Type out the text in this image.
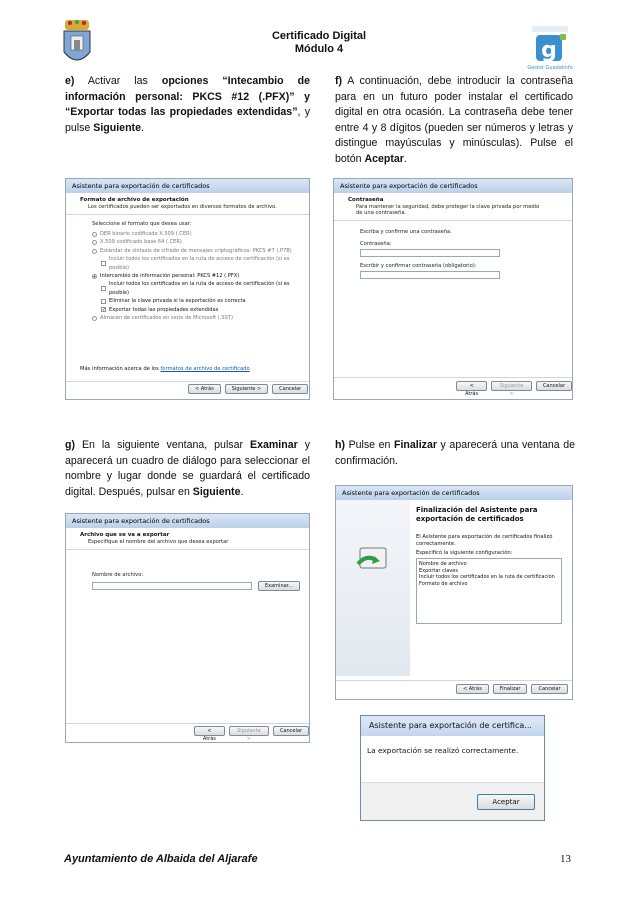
g
Gestor Guadalinfo
Certificado Digital
Módulo 4
e) Activar las opciones “Intecambio de información personal: PKCS #12 (.PFX)” y “Exportar todas las propiedades extendidas”, y pulse Siguiente.
f) A continuación, debe introducir la contraseña para en un futuro poder instalar el certificado digital en otra ocasión. La contraseña debe tener entre 4 y 8 dígitos (pueden ser números y letras y distingue mayúsculas y minúsculas). Pulse el botón Aceptar.
Asistente para exportación de certificados
Formato de archivo de exportación
Los certificados pueden ser exportados en diversos formatos de archivo.
Seleccione el formato que desea usar:
DER binario codificado X.509 (.CER)
X.509 codificado base 64 (.CER)
Estándar de sintaxis de cifrado de mensajes criptográficos: PKCS #7 (.P7B)
Incluir todos los certificados en la ruta de acceso de certificación (si es posible)
Intercambio de información personal: PKCS #12 (.PFX)
Incluir todos los certificados en la ruta de acceso de certificación (si es posible)
Eliminar la clave privada si la exportación es correcta
✓ Exportar todas las propiedades extendidas
Almacén de certificados en serie de Microsoft (.SST)
Más información acerca de los formatos de archivo de certificado
< Atrás	Siguiente >	Cancelar
Asistente para exportación de certificados
Contraseña
Para mantener la seguridad, debe proteger la clave privada por medio de una contraseña.
Escriba y confirme una contraseña.
Contraseña:
Escribir y confirmar contraseña (obligatorio):
< Atrás
Siguiente >
Cancelar
g) En la siguiente ventana, pulsar Examinar y aparecerá un cuadro de diálogo para seleccionar el nombre y lugar donde se guardará el certificado digital. Después, pulsar en Siguiente.
h) Pulse en Finalizar y aparecerá una ventana de confirmación.
Asistente para exportación de certificados
Archivo que se va a exportar
Especifique el nombre del archivo que desea exportar
Nombre de archivo:
Examinar...
< Atrás
Siguiente >
Cancelar
Asistente para exportación de certificados
Finalización del Asistente para exportación de certificados
El Asistente para exportación de certificados finalizó correctamente.
Especificó la siguiente configuración:
Nombre de archivo
Exportar claves
Incluir todos los certificados en la ruta de certificación
Formato de archivo
< Atrás	Finalizar	Cancelar
Asistente para exportación de certifica...
La exportación se realizó correctamente.
Aceptar
Ayuntamiento de Albaida del Aljarafe	13
